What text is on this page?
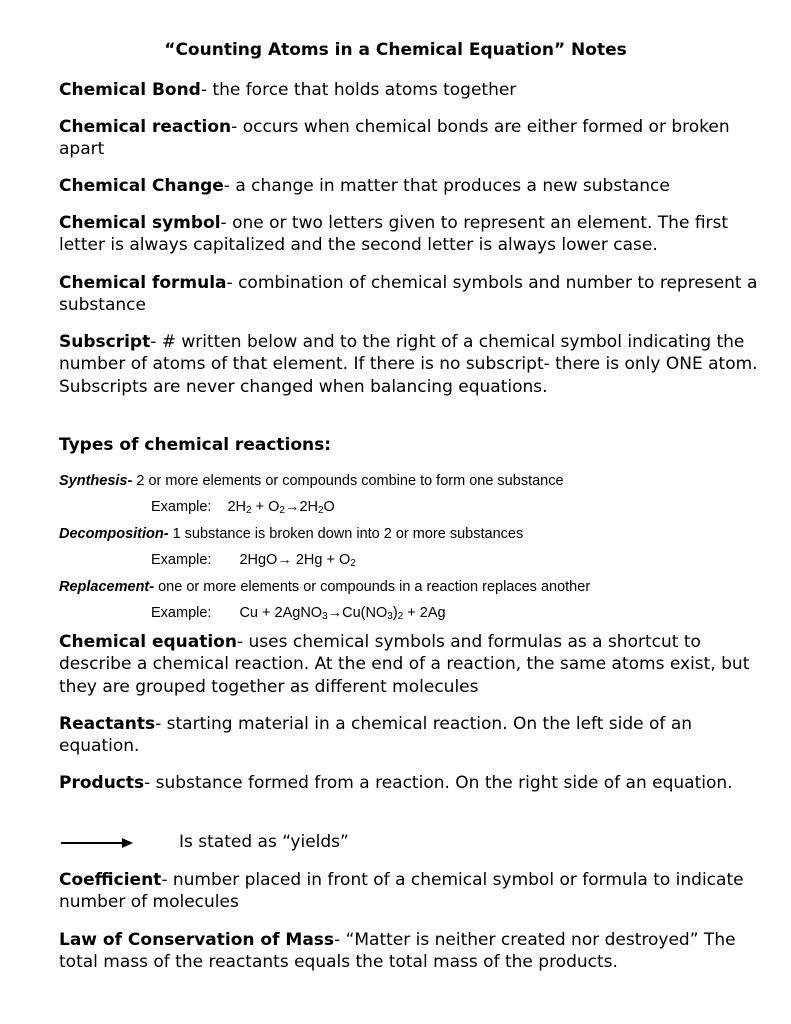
“Counting Atoms in a Chemical Equation” Notes
Chemical Bond- the force that holds atoms together
Chemical reaction- occurs when chemical bonds are either formed or broken apart
Chemical Change- a change in matter that produces a new substance
Chemical symbol- one or two letters given to represent an element. The first letter is always capitalized and the second letter is always lower case.
Chemical formula- combination of chemical symbols and number to represent a substance
Subscript- # written below and to the right of a chemical symbol indicating the number of atoms of that element. If there is no subscript- there is only ONE atom. Subscripts are never changed when balancing equations.
Types of chemical reactions:
Synthesis- 2 or more elements or compounds combine to form one substance
Example: $2H_2 + O_2\to 2H_2O$
Decomposition- 1 substance is broken down into 2 or more substances
Example: $2HgO\to 2Hg + O_2$
Replacement- one or more elements or compounds in a reaction replaces another
Example: $Cu + 2AgNO_3\to Cu(NO_3)_2 + 2Ag$
Chemical equation- uses chemical symbols and formulas as a shortcut to describe a chemical reaction. At the end of a reaction, the same atoms exist, but they are grouped together as different molecules
Reactants- starting material in a chemical reaction. On the left side of an equation.
Products- substance formed from a reaction. On the right side of an equation.
Is stated as “yields”
Coefficient- number placed in front of a chemical symbol or formula to indicate number of molecules
Law of Conservation of Mass- “Matter is neither created nor destroyed” The total mass of the reactants equals the total mass of the products.
